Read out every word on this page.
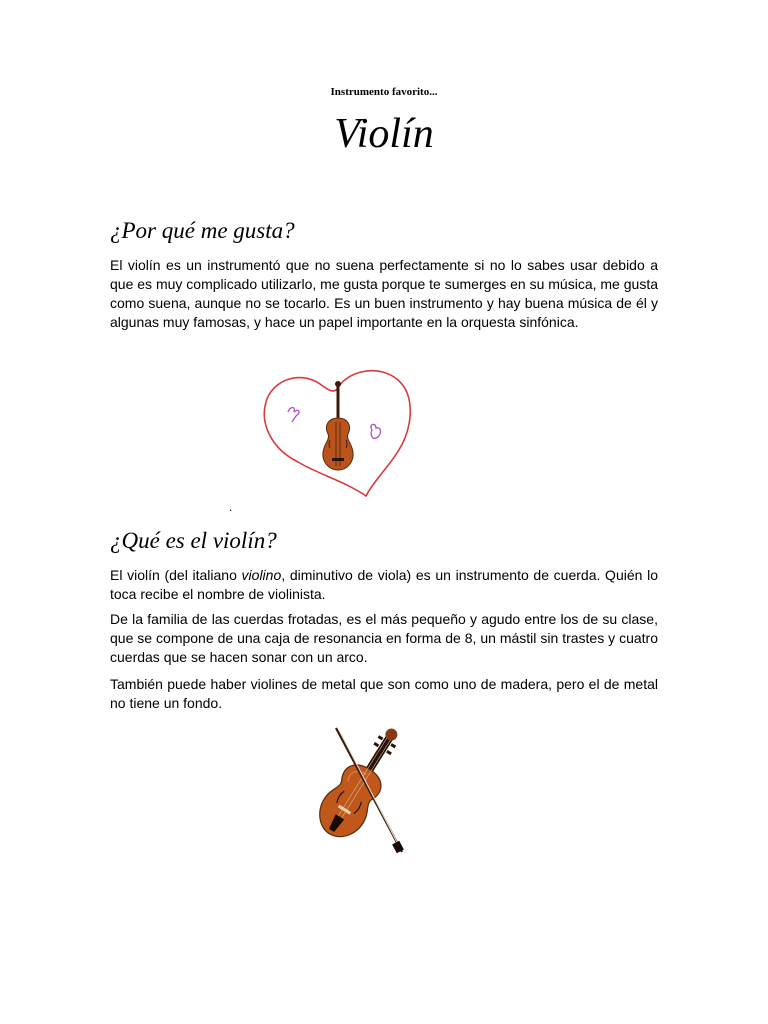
Instrumento favorito...
Violín
¿Por qué me gusta?

El violín es un instrumentó que no suena perfectamente si no lo sabes usar debido a que es muy complicado utilizarlo, me gusta porque te sumerges en su música, me gusta como suena, aunque no se tocarlo. Es un buen instrumento y hay buena música de él y algunas muy famosas, y hace un papel importante en la orquesta sinfónica.

.
¿Qué es el violín?

El violín (del italiano violino, diminutivo de viola) es un instrumento de cuerda. Quién lo toca recibe el nombre de violinista.

De la familia de las cuerdas frotadas, es el más pequeño y agudo entre los de su clase, que se compone de una caja de resonancia en forma de 8, un mástil sin trastes y cuatro cuerdas que se hacen sonar con un arco.

También puede haber violines de metal que son como uno de madera, pero el de metal no tiene un fondo.
